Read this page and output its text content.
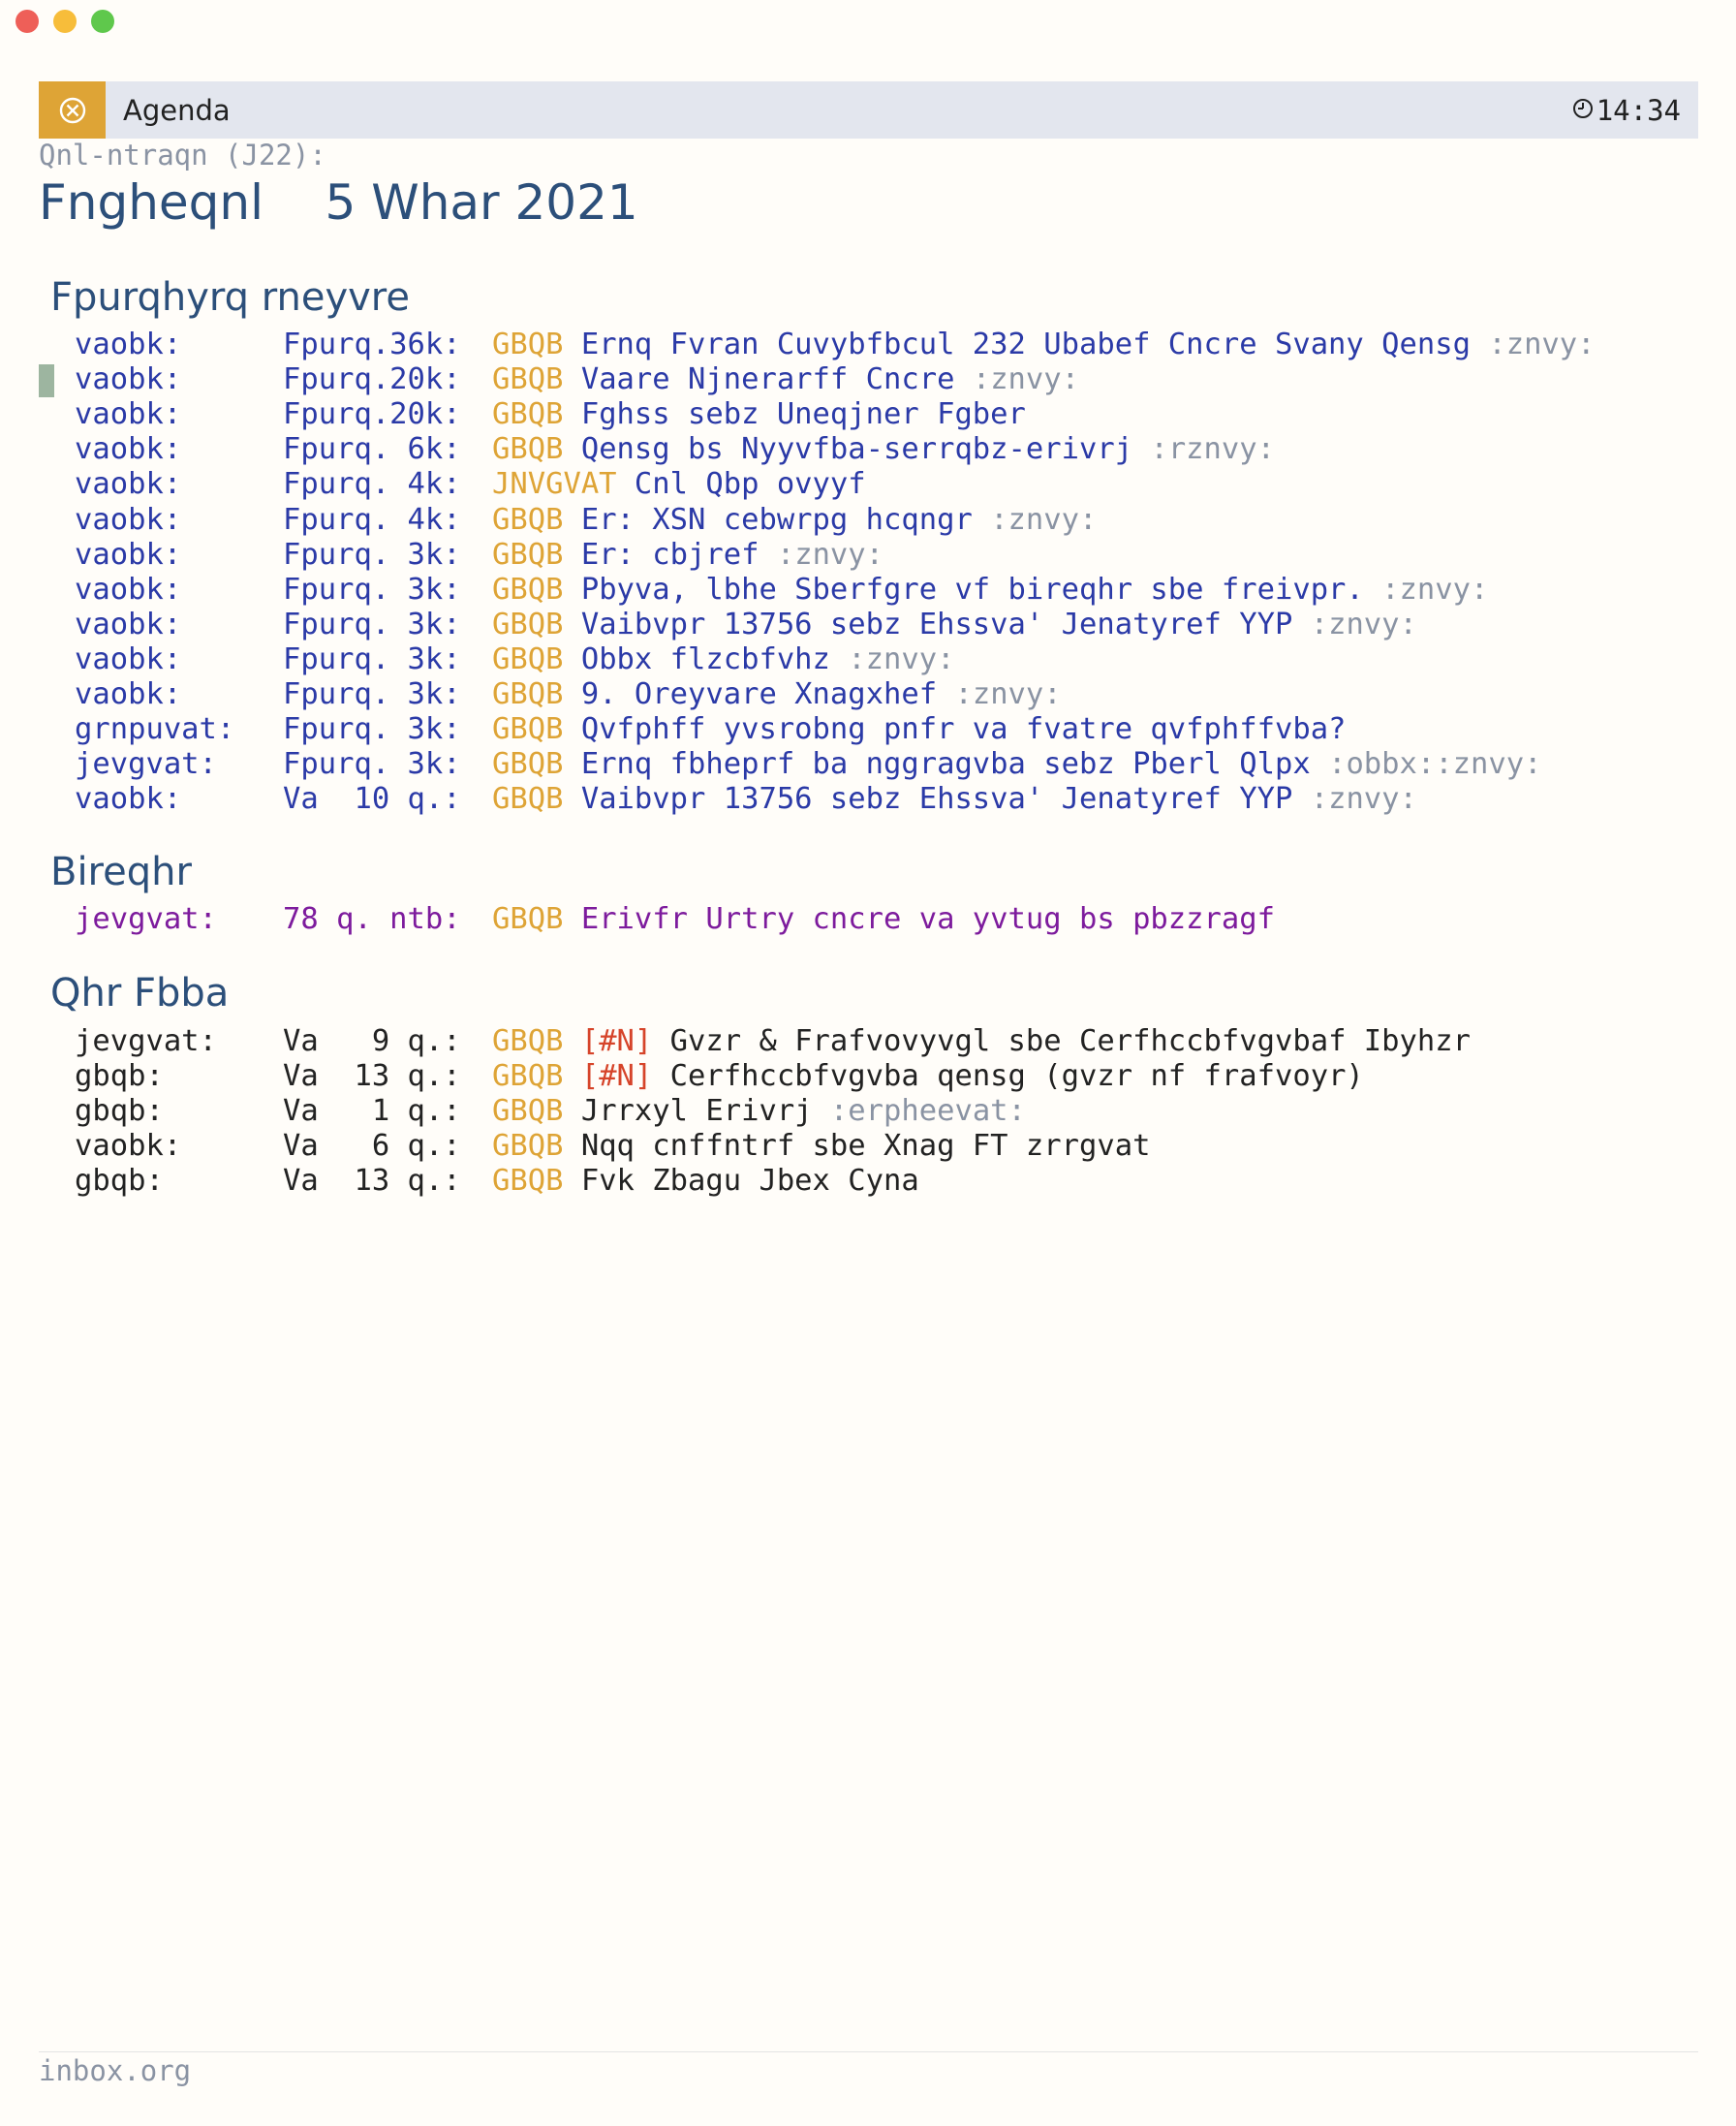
Agenda	14:34
Qnl-ntraqn (J22):
Fngheqnl 5 Whar 2021
Fpurqhyrq rneyvre
vaobk:	Fpurq.36k: GBQB Ernq Fvran Cuvybfbcul 232 Ubabef Cncre Svany Qensg :znvy:
vaobk:	Fpurq.20k: GBQB Vaare Njnerarff Cncre :znvy:
vaobk:	Fpurq.20k: GBQB Fghss sebz Uneqjner Fgber
vaobk:	Fpurq. 6k: GBQB Qensg bs Nyyvfba-serrqbz-erivrj :rznvy:
vaobk:	Fpurq. 4k: JNVGVAT Cnl Qbp ovyyf
vaobk:	Fpurq. 4k: GBQB Er: XSN cebwrpg hcqngr :znvy:
vaobk:	Fpurq. 3k: GBQB Er: cbjref :znvy:
vaobk:	Fpurq. 3k: GBQB Pbyva, lbhe Sberfgre vf bireqhr sbe freivpr. :znvy:
vaobk:	Fpurq. 3k: GBQB Vaibvpr 13756 sebz Ehssva' Jenatyref YYP :znvy:
vaobk:	Fpurq. 3k: GBQB Obbx flzcbfvhz :znvy:
vaobk:	Fpurq. 3k: GBQB 9. Oreyvare Xnagxhef :znvy:
grnpuvat: Fpurq. 3k: GBQB Qvfphff yvsrobng pnfr va fvatre qvfphffvba?
jevgvat: Fpurq. 3k: GBQB Ernq fbheprf ba nggragvba sebz Pberl Qlpx :obbx::znvy:
vaobk:	Va  10 q.: GBQB Vaibvpr 13756 sebz Ehssva' Jenatyref YYP :znvy:
Bireqhr
jevgvat: 78 q. ntb: GBQB Erivfr Urtry cncre va yvtug bs pbzzragf
Qhr Fbba
jevgvat: Va   9 q.: GBQB [#N] Gvzr & Frafvovyvgl sbe Cerfhccbfvgvbaf Ibyhzr
gbqb:	Va  13 q.: GBQB [#N] Cerfhccbfvgvba qensg (gvzr nf frafvoyr)
gbqb:	Va   1 q.: GBQB Jrrxyl Erivrj :erpheevat:
vaobk:	Va   6 q.: GBQB Nqq cnffntrf sbe Xnag FT zrrgvat
gbqb:	Va  13 q.: GBQB Fvk Zbagu Jbex Cyna
inbox.org
